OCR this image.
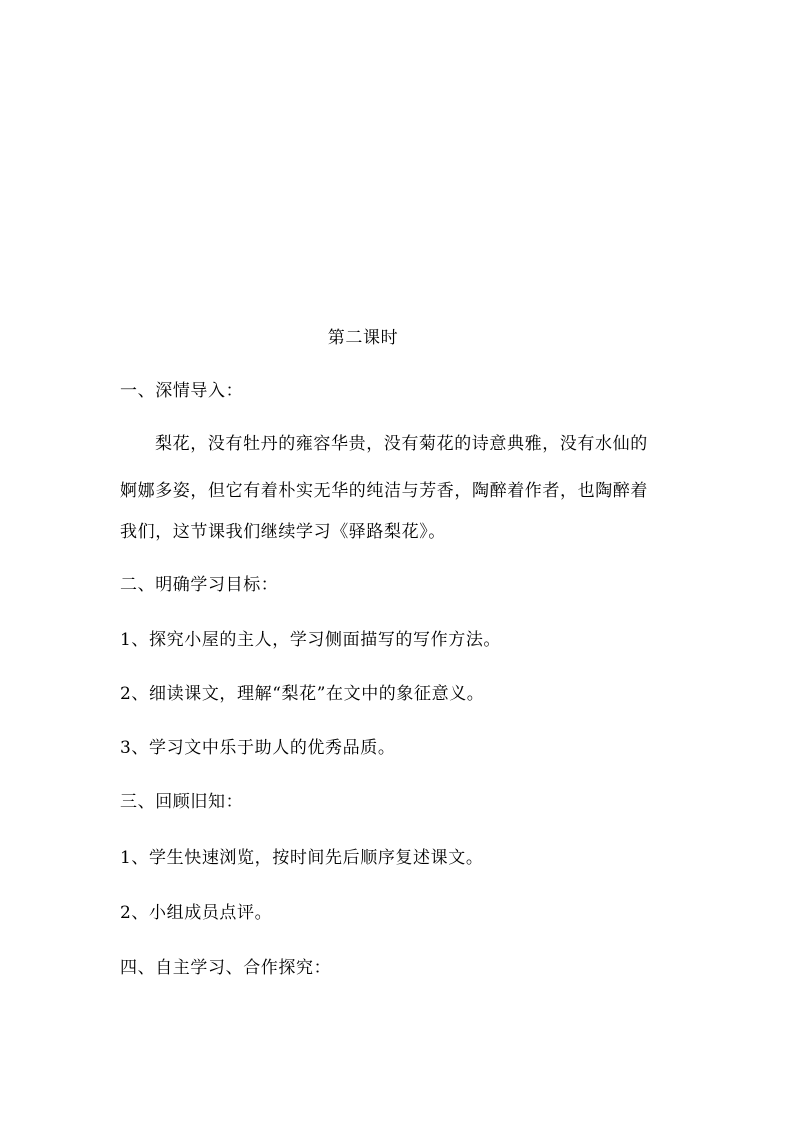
第二课时
一、深情导入：
梨花，没有牡丹的雍容华贵，没有菊花的诗意典雅，没有水仙的
婀娜多姿，但它有着朴实无华的纯洁与芳香，陶醉着作者，也陶醉着
我们，这节课我们继续学习《驿路梨花》。
二、明确学习目标：
1、探究小屋的主人，学习侧面描写的写作方法。
2、细读课文，理解“梨花”在文中的象征意义。
3、学习文中乐于助人的优秀品质。
三、回顾旧知：
1、学生快速浏览，按时间先后顺序复述课文。
2、小组成员点评。
四、自主学习、合作探究：
